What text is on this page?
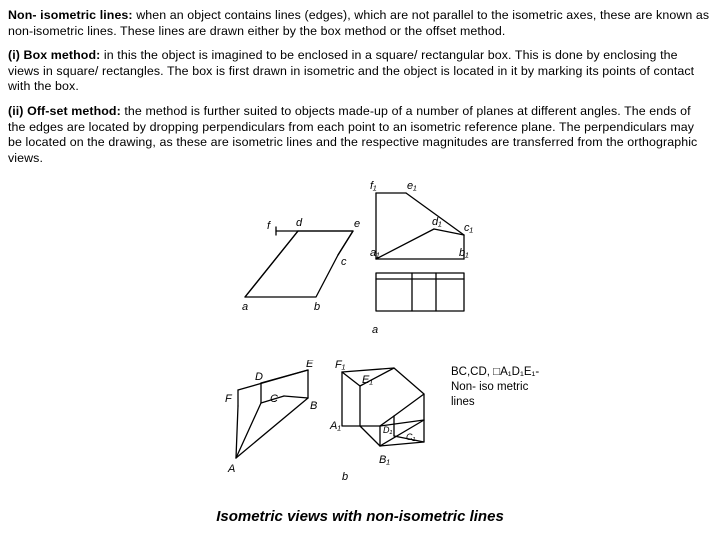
Non- isometric lines: when an object contains lines (edges), which are not parallel to the isometric axes, these are known as non-isometric lines. These lines are drawn either by the box method or the offset method.

(i) Box method: in this the object is imagined to be enclosed in a square/ rectangular box. This is done by enclosing the views in square/ rectangles. The box is first drawn in isometric and the object is located in it by marking its points of contact with the box.

(ii) Off-set method: the method is further suited to objects made-up of a number of planes at different angles. The ends of the edges are located by dropping perpendiculars from each point to an isometric reference plane. The perpendiculars may be located on the drawing, as these are isometric lines and the respective magnitudes are transferred from the orthographic views.

f d	e
c
a	b
f₁	e₁
d₁ c₁
a₁	b₁
a
E
D
F	C
B
A
F₁
E₁
A₁	D₁
C₁
B₁
b
BC,CD, □A₁D₁E₁-
Non- iso metric
lines
Isometric views with non-isometric lines
